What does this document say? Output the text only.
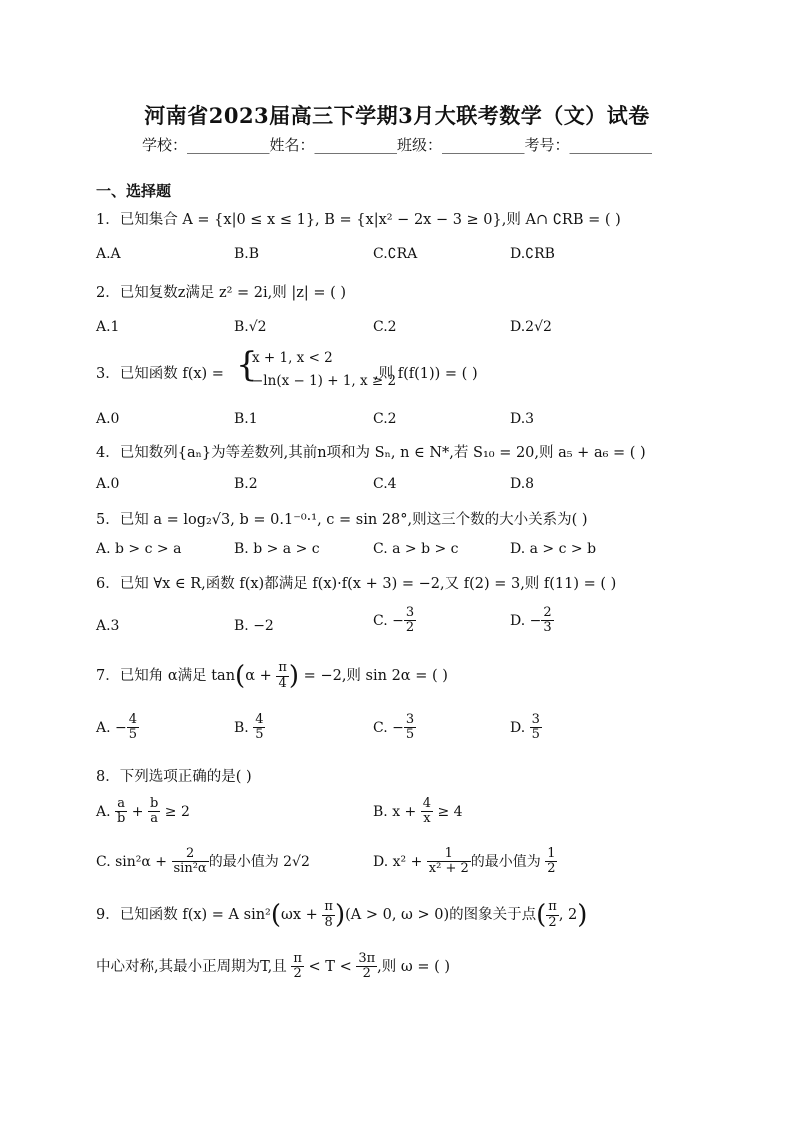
河南省2023届高三下学期3月大联考数学（文）试卷
学校：___________姓名：___________班级：___________考号：___________
一、选择题
1．已知集合 A = {x|0 ≤ x ≤ 1}, B = {x|x² − 2x − 3 ≥ 0},则 A∩ ∁RB = ( )
A.A	B.B	C.∁RA	D.∁RB
2．已知复数z满足 z² = 2i,则 |z| = ( )
A.1	B.√2	C.2	D.2√2
3．已知函数 f(x) = {
x + 1, x < 2
−ln(x − 1) + 1, x ≥ 2
,则 f(f(1)) = ( )
A.0	B.1	C.2	D.3
4．已知数列{aₙ}为等差数列,其前n项和为 Sₙ, n ∈ N*,若 S₁₀ = 20,则 a₅ + a₆ = ( )
A.0	B.2	C.4	D.8
5．已知 a = log₂√3, b = 0.1⁻⁰·¹, c = sin 28°,则这三个数的大小关系为( )
A. b > c > a	B. b > a > c	C. a > b > c	D. a > c > b
6．已知 ∀x ∈ R,函数 f(x)都满足 f(x)·f(x + 3) = −2,又 f(2) = 3,则 f(11) = ( )
A.3	B. −2	C. − $\frac{3}{2}$	D. − $\frac{2}{3}$
7．已知角 α满足 $\tan(\alpha + \frac{\pi}{4}$ ) = −2,则 sin 2α = ( )
A. − $\frac{4}{5}$	B. $\frac{4}{5}$	C. − $\frac{3}{5}$	D. $\frac{3}{5}$
8．下列选项正确的是( )
A. $\frac{a}{b} + \frac{b}{a} \ge 2$	B. $x + \frac{4}{x} \ge 4$
C. $\sin^2\alpha + \frac{2}{\text{sin²α}}$ 的最小值为 2√2	D. $x^2 + \frac{1}{\text{x² + 2}}$ 的最小值为 $\frac{1}{2}$
9．已知函数 f(x) = A $\sin^2(\omega x + \frac{\pi}{8} )(A > 0$, ω > 0)的图象关于点( $\frac{\pi}{2}$ , 2)
中心对称,其最小正周期为T,且 $\frac{\pi}{2} < T < \frac{3\pi}{2}$ ,则 ω = ( )
